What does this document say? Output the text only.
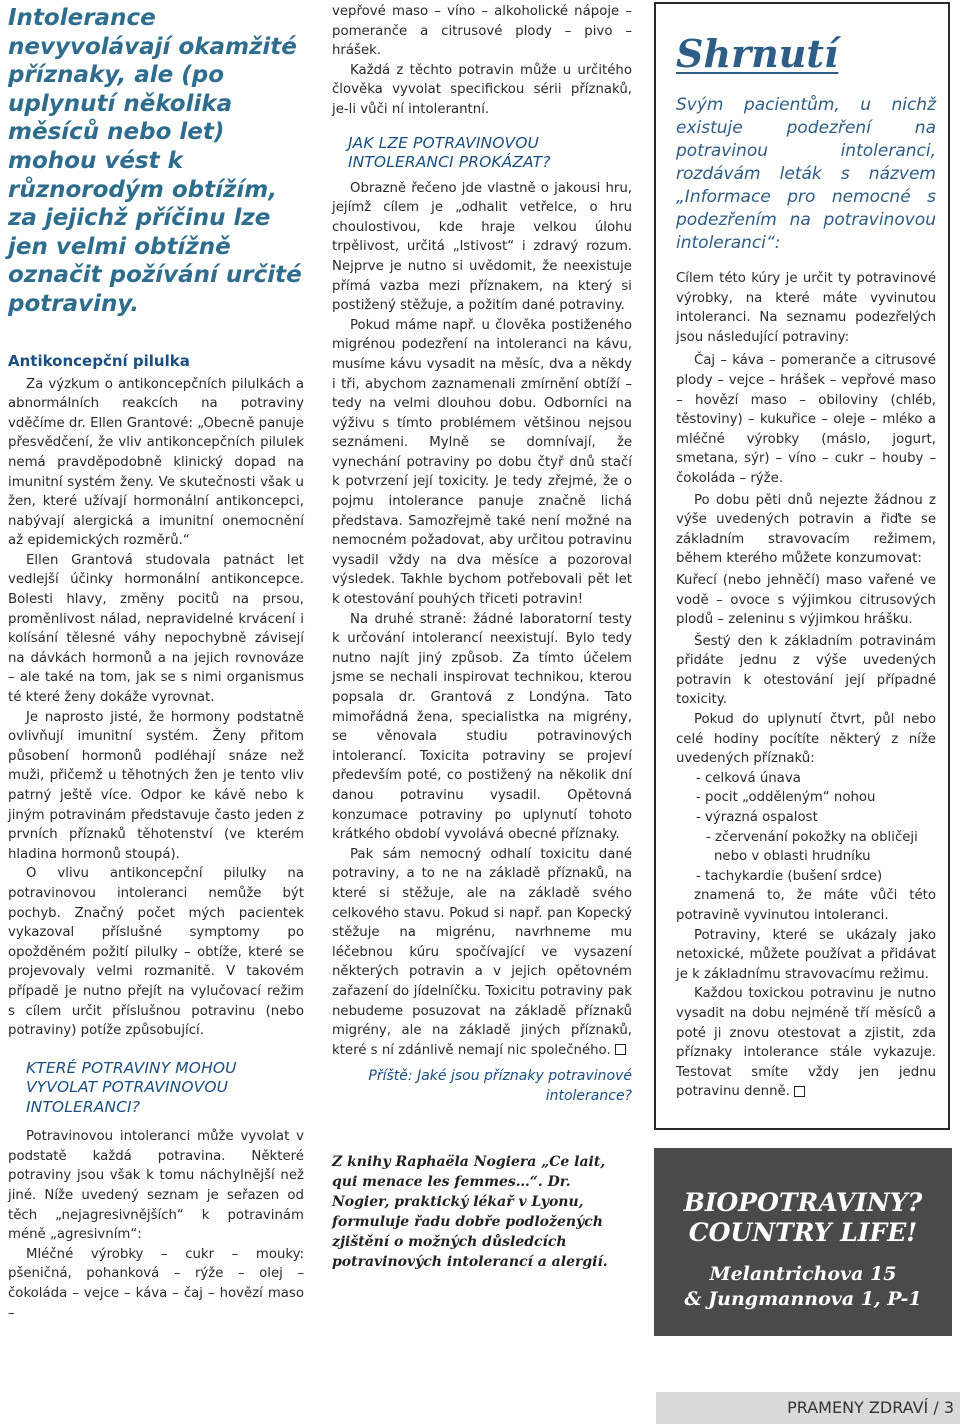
Intolerance nevyvolávají okamžité příznaky, ale (po uplynutí několika měsíců nebo let) mohou vést k různorodým obtížím, za jejichž příčinu lze jen velmi obtížně označit požívání určité potraviny.
Antikoncepční pilulka

Za výzkum o antikoncepčních pilulkách a abnormálních reakcích na potraviny vděčíme dr. Ellen Grantové: „Obecně panuje přesvědčení, že vliv antikoncepčních pilulek nemá pravděpodobně klinický dopad na imunitní systém ženy. Ve skutečnosti však u žen, které užívají hormonální antikoncepci, nabývají alergická a imunitní onemocnění až epidemických rozměrů.“

Ellen Grantová studovala patnáct let vedlejší účinky hormonální antikoncepce. Bolesti hlavy, změny pocitů na prsou, proměnlivost nálad, nepravidelné krvácení i kolísání tělesné váhy nepochybně závisejí na dávkách hormonů a na jejich rovnováze – ale také na tom, jak se s nimi organismus té které ženy dokáže vyrovnat.

Je naprosto jisté, že hormony podstatně ovlivňují imunitní systém. Ženy přitom působení hormonů podléhají snáze než muži, přičemž u těhotných žen je tento vliv patrný ještě více. Odpor ke kávě nebo k jiným potravinám představuje často jeden z prvních příznaků těhotenství (ve kterém hladina hormonů stoupá).

O vlivu antikoncepční pilulky na potravinovou intoleranci nemůže být pochyb. Značný počet mých pacientek vykazoval příslušné symptomy po opožděném požití pilulky – obtíže, které se projevovaly velmi rozmanitě. V takovém případě je nutno přejít na vylučovací režim s cílem určit příslušnou potravinu (nebo potraviny) potíže způsobující.

KTERÉ POTRAVINY MOHOU VYVOLAT POTRAVINOVOU INTOLERANCI?

Potravinovou intoleranci může vyvolat v podstatě každá potravina. Některé potraviny jsou však k tomu náchylnější než jiné. Níže uvedený seznam je seřazen od těch „nejagresivnějších“ k potravinám méně „agresivním“:

Mléčné výrobky – cukr – mouky: pšeničná, pohanková – rýže – olej – čokoláda – vejce – káva – čaj – hovězí maso –

vepřové maso – víno – alkoholické nápoje – pomeranče a citrusové plody – pivo – hrášek.

Každá z těchto potravin může u určitého člověka vyvolat specifickou sérii příznaků, je-li vůči ní intolerantní.

JAK LZE POTRAVINOVOU INTOLERANCI PROKÁZAT?

Obrazně řečeno jde vlastně o jakousi hru, jejímž cílem je „odhalit vetřelce, o hru choulostivou, kde hraje velkou úlohu trpělivost, určitá „lstivost“ i zdravý rozum. Nejprve je nutno si uvědomit, že neexistuje přímá vazba mezi příznakem, na který si postižený stěžuje, a požitím dané potraviny.

Pokud máme např. u člověka postiženého migrénou podezření na intoleranci na kávu, musíme kávu vysadit na měsíc, dva a někdy i tři, abychom zaznamenali zmírnění obtíží – tedy na velmi dlouhou dobu. Odborníci na výživu s tímto problémem většinou nejsou seznámeni. Mylně se domnívají, že vynechání potraviny po dobu čtyř dnů stačí k potvrzení její toxicity. Je tedy zřejmé, že o pojmu intolerance panuje značně lichá představa. Samozřejmě také není možné na nemocném požadovat, aby určitou potravinu vysadil vždy na dva měsíce a pozoroval výsledek. Takhle bychom potřebovali pět let k otestování pouhých třiceti potravin!

Na druhé straně: žádné laboratorní testy k určování intolerancí neexistují. Bylo tedy nutno najít jiný způsob. Za tímto účelem jsme se nechali inspirovat technikou, kterou popsala dr. Grantová z Londýna. Tato mimořádná žena, specialistka na migrény, se věnovala studiu potravinových intolerancí. Toxicita potraviny se projeví především poté, co postižený na několik dní danou potravinu vysadil. Opětovná konzumace potraviny po uplynutí tohoto krátkého období vyvolává obecné příznaky.

Pak sám nemocný odhalí toxicitu dané potraviny, a to ne na základě příznaků, na které si stěžuje, ale na základě svého celkového stavu. Pokud si např. pan Kopecký stěžuje na migrénu, navrhneme mu léčebnou kúru spočívající ve vysazení některých potravin a v jejich opětovném zařazení do jídelníčku. Toxicitu potraviny pak nebudeme posuzovat na základě příznaků migrény, ale na základě jiných příznaků, které s ní zdánlivě nemají nic společného.

Příště: Jaké jsou příznaky potravinové intolerance?
Z knihy Raphaëla Nogiera „Ce lait, qui menace les femmes…“. Dr. Nogier, praktický lékař v Lyonu, formuluje řadu dobře podložených zjištění o možných důsledcích potravinových intolerancí a alergií.
Shrnutí
Svým pacientům, u nichž existuje podezření na potravinou intoleranci, rozdávám leták s názvem „Informace pro nemocné s podezřením na potravinovou intoleranci“:

Cílem této kúry je určit ty potravinové výrobky, na které máte vyvinutou intoleranci. Na seznamu podezřelých jsou následující potraviny:

Čaj – káva – pomeranče a citrusové plody – vejce – hrášek – vepřové maso – hovězí maso – obiloviny (chléb, těstoviny) – kukuřice – oleje – mléko a mléčné výrobky (máslo, jogurt, smetana, sýr) – víno – cukr – houby – čokoláda – rýže.

Po dobu pěti dnů nejezte žádnou z výše uvedených potravin a řiďte se základním stravovacím režimem, během kterého můžete konzumovat:

Kuřecí (nebo jehněčí) maso vařené ve vodě – ovoce s výjimkou citrusových plodů – zeleninu s výjimkou hrášku.

Šestý den k základním potravinám přidáte jednu z výše uvedených potravin k otestování její případné toxicity.

Pokud do uplynutí čtvrt, půl nebo celé hodiny pocítíte některý z níže uvedených příznaků:

- celková únava
- pocit „odděleným“ nohou
- výrazná ospalost
- zčervenání pokožky na obličeji nebo v oblasti hrudníku
- tachykardie (bušení srdce)

znamená to, že máte vůči této potravině vyvinutou intoleranci.

Potraviny, které se ukázaly jako netoxické, můžete používat a přidávat je k základnímu stravovacímu režimu.

Každou toxickou potravinu je nutno vysadit na dobu nejméně tří měsíců a poté ji znovu otestovat a zjistit, zda příznaky intolerance stále vykazuje. Testovat smíte vždy jen jednu potravinu denně.

BIOPOTRAVINY?
COUNTRY LIFE!
Melantrichova 15
& Jungmannova 1, P-1
PRAMENY ZDRAVÍ / 3
